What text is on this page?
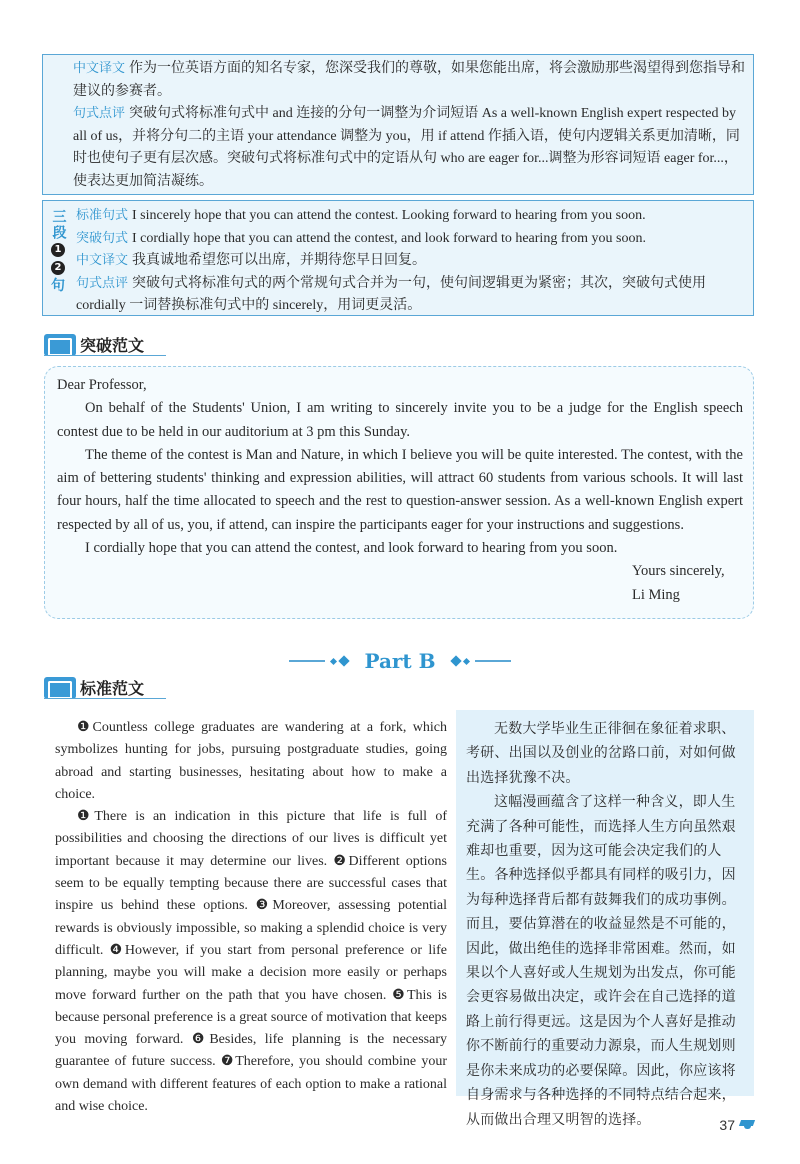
中文译文 作为一位英语方面的知名专家，您深受我们的尊敬，如果您能出席，将会激励那些渴望得到您指导和建议的参赛者。

句式点评 突破句式将标准句式中 and 连接的分句一调整为介词短语 As a well-known English expert respected by all of us，并将分句二的主语 your attendance 调整为 you，用 if attend 作插入语，使句内逻辑关系更加清晰，同时也使句子更有层次感。突破句式将标准句式中的定语从句 who are eager for...调整为形容词短语 eager for...，使表达更加简洁凝练。

三段
1
2
句

标准句式 I sincerely hope that you can attend the contest. Looking forward to hearing from you soon.

突破句式 I cordially hope that you can attend the contest, and look forward to hearing from you soon.

中文译文 我真诚地希望您可以出席，并期待您早日回复。

句式点评 突破句式将标准句式的两个常规句式合并为一句，使句间逻辑更为紧密；其次，突破句式使用 cordially 一词替换标准句式中的 sincerely，用词更灵活。

突破范文

Dear Professor,

On behalf of the Students' Union, I am writing to sincerely invite you to be a judge for the English speech contest due to be held in our auditorium at 3 pm this Sunday.

The theme of the contest is Man and Nature, in which I believe you will be quite interested. The contest, with the aim of bettering students' thinking and expression abilities, will attract 60 students from various schools. It will last four hours, half the time allocated to speech and the rest to question-answer session. As a well-known English expert respected by all of us, you, if attend, can inspire the participants eager for your instructions and suggestions.

I cordially hope that you can attend the contest, and look forward to hearing from you soon.

Yours sincerely,

Li Ming

Part B
标准范文

❶Countless college graduates are wandering at a fork, which symbolizes hunting for jobs, pursuing postgraduate studies, going abroad and starting businesses, hesitating about how to make a choice.

❶There is an indication in this picture that life is full of possibilities and choosing the directions of our lives is difficult yet important because it may determine our lives. ❷Different options seem to be equally tempting because there are successful cases that inspire us behind these options. ❸Moreover, assessing potential rewards is obviously impossible, so making a splendid choice is very difficult. ❹However, if you start from personal preference or life planning, maybe you will make a decision more easily or perhaps move forward further on the path that you have chosen. ❺This is because personal preference is a great source of motivation that keeps you moving forward. ❻Besides, life planning is the necessary guarantee of future success. ❼Therefore, you should combine your own demand with different features of each option to make a rational and wise choice.

无数大学毕业生正徘徊在象征着求职、考研、出国以及创业的岔路口前，对如何做出选择犹豫不决。

这幅漫画蕴含了这样一种含义，即人生充满了各种可能性，而选择人生方向虽然艰难却也重要，因为这可能会决定我们的人生。各种选择似乎都具有同样的吸引力，因为每种选择背后都有鼓舞我们的成功事例。而且，要估算潜在的收益显然是不可能的，因此，做出绝佳的选择非常困难。然而，如果以个人喜好或人生规划为出发点，你可能会更容易做出决定，或许会在自己选择的道路上前行得更远。这是因为个人喜好是推动你不断前行的重要动力源泉，而人生规划则是你未来成功的必要保障。因此，你应该将自身需求与各种选择的不同特点结合起来，从而做出合理又明智的选择。	37
